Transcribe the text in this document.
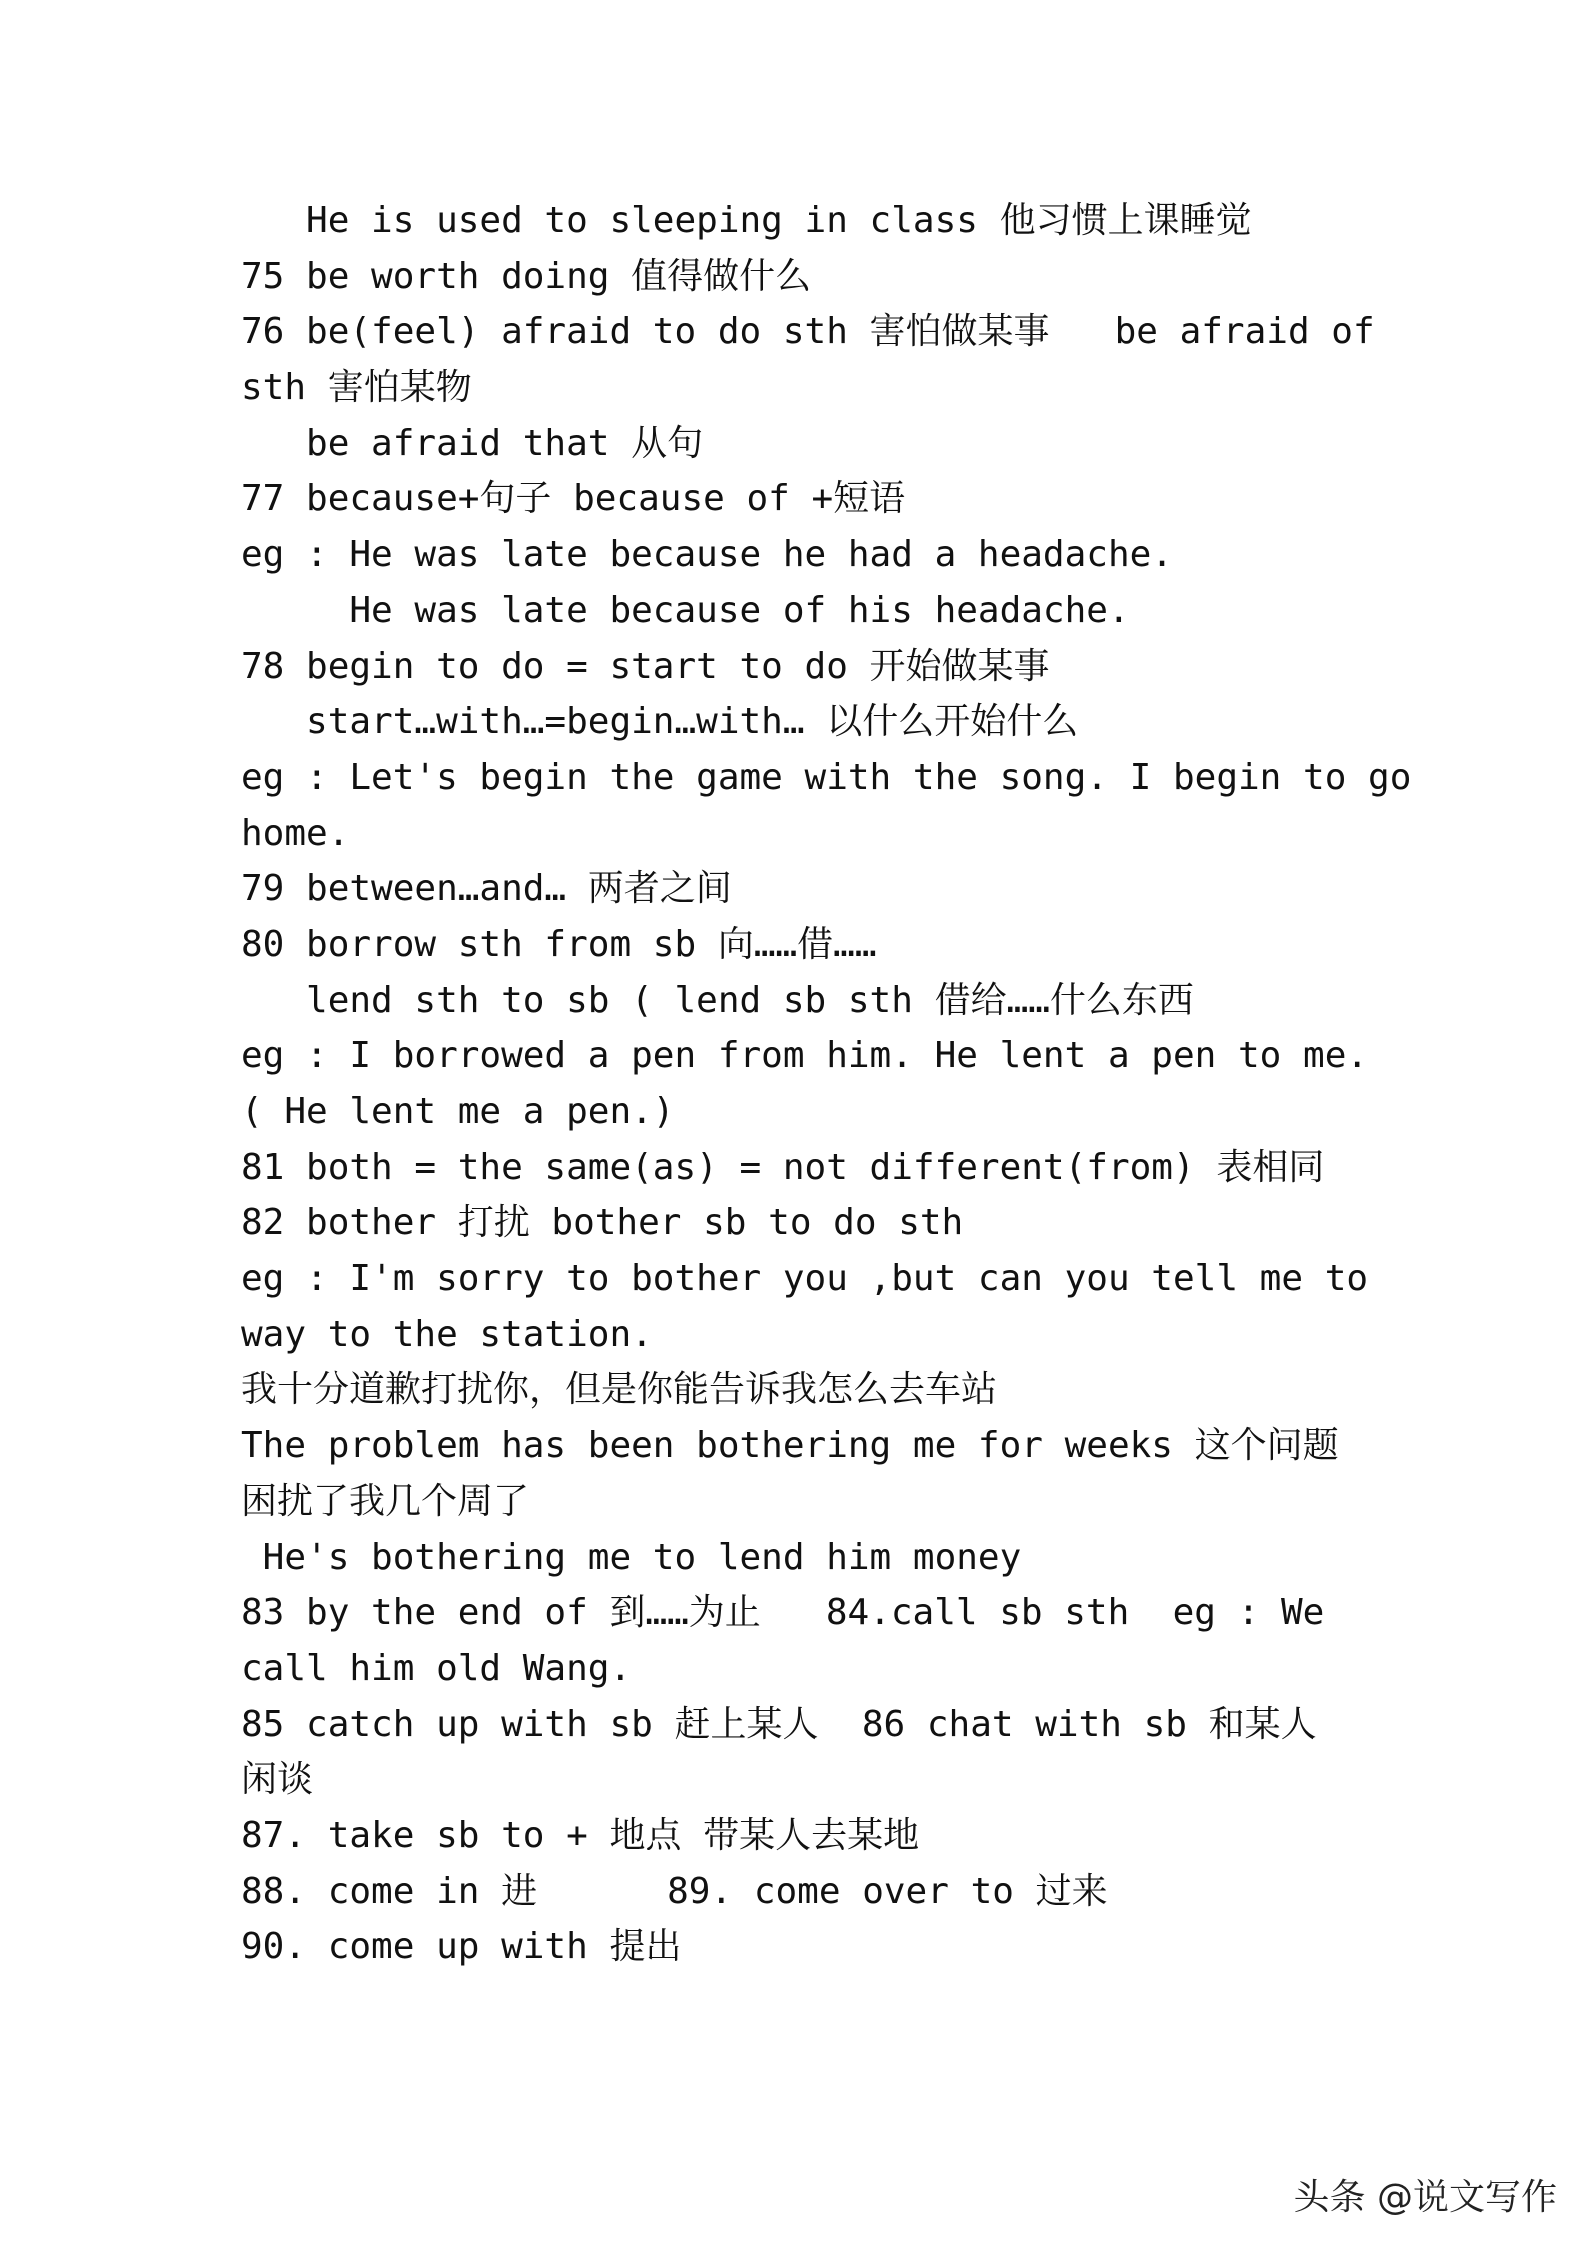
He is used to sleeping in class 他习惯上课睡觉
75 be worth doing 值得做什么
76 be(feel) afraid to do sth 害怕做某事   be afraid of
sth 害怕某物
be afraid that 从句
77 because+句子 because of +短语
eg : He was late because he had a headache.
He was late because of his headache.
78 begin to do = start to do 开始做某事
start…with…=begin…with… 以什么开始什么
eg : Let's begin the game with the song. I begin to go
home.
79 between…and… 两者之间
80 borrow sth from sb 向……借……
lend sth to sb ( lend sb sth 借给……什么东西
eg : I borrowed a pen from him. He lent a pen to me.
( He lent me a pen.)
81 both = the same(as) = not different(from) 表相同
82 bother 打扰 bother sb to do sth
eg : I'm sorry to bother you ,but can you tell me to
way to the station.
我十分道歉打扰你，但是你能告诉我怎么去车站
The problem has been bothering me for weeks 这个问题
困扰了我几个周了
He's bothering me to lend him money
83 by the end of 到……为止   84.call sb sth  eg : We
call him old Wang.
85 catch up with sb 赶上某人  86 chat with sb 和某人
闲谈
87. take sb to + 地点 带某人去某地
88. come in 进      89. come over to 过来
90. come up with 提出
头条 @说文写作
